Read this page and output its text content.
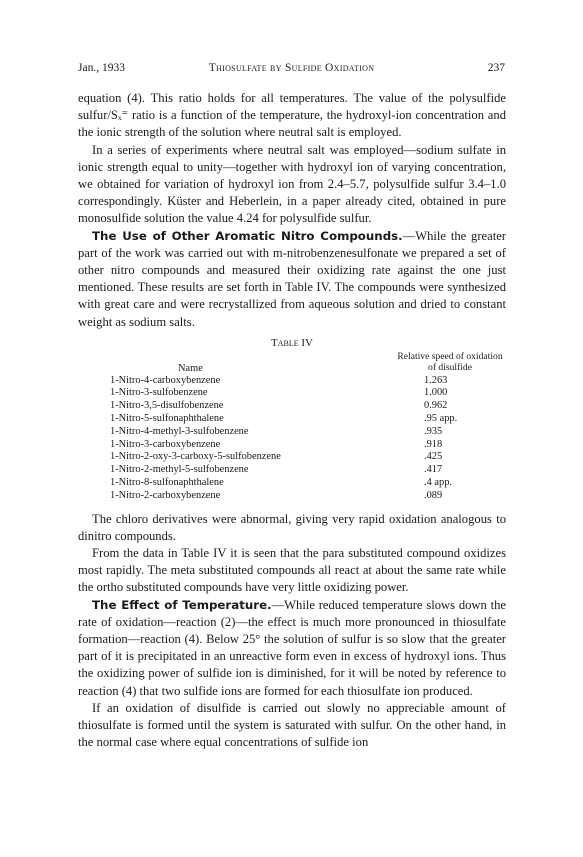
Jan., 1933	Thiosulfate by Sulfide Oxidation	237

equation (4). This ratio holds for all temperatures. The value of the polysulfide sulfur/Sₓ⁼ ratio is a function of the temperature, the hydroxyl-ion concentration and the ionic strength of the solution where neutral salt is employed.

In a series of experiments where neutral salt was employed—sodium sulfate in ionic strength equal to unity—together with hydroxyl ion of varying concentration, we obtained for variation of hydroxyl ion from 2.4–5.7, polysulfide sulfur 3.4–1.0 correspondingly. Küster and Heberlein, in a paper already cited, obtained in pure monosulfide solution the value 4.24 for polysulfide sulfur.

The Use of Other Aromatic Nitro Compounds.—While the greater part of the work was carried out with m-nitrobenzenesulfonate we prepared a set of other nitro compounds and measured their oxidizing rate against the one just mentioned. These results are set forth in Table IV. The compounds were synthesized with great care and were recrystallized from aqueous solution and dried to constant weight as sodium salts.

Table IV
Name
Relative speed of oxidation of disulfide
1-Nitro-4-carboxybenzene	1.263
1-Nitro-3-sulfobenzene	1.000
1-Nitro-3,5-disulfobenzene	0.962
1-Nitro-5-sulfonaphthalene	.95 app.
1-Nitro-4-methyl-3-sulfobenzene	.935
1-Nitro-3-carboxybenzene	.918
1-Nitro-2-oxy-3-carboxy-5-sulfobenzene	.425
1-Nitro-2-methyl-5-sulfobenzene	.417
1-Nitro-8-sulfonaphthalene	.4 app.
1-Nitro-2-carboxybenzene	.089

The chloro derivatives were abnormal, giving very rapid oxidation analogous to dinitro compounds.

From the data in Table IV it is seen that the para substituted compound oxidizes most rapidly. The meta substituted compounds all react at about the same rate while the ortho substituted compounds have very little oxidizing power.

The Effect of Temperature.—While reduced temperature slows down the rate of oxidation—reaction (2)—the effect is much more pronounced in thiosulfate formation—reaction (4). Below 25° the solution of sulfur is so slow that the greater part of it is precipitated in an unreactive form even in excess of hydroxyl ions. Thus the oxidizing power of sulfide ion is diminished, for it will be noted by reference to reaction (4) that two sulfide ions are formed for each thiosulfate ion produced.

If an oxidation of disulfide is carried out slowly no appreciable amount of thiosulfate is formed until the system is saturated with sulfur. On the other hand, in the normal case where equal concentrations of sulfide ion
